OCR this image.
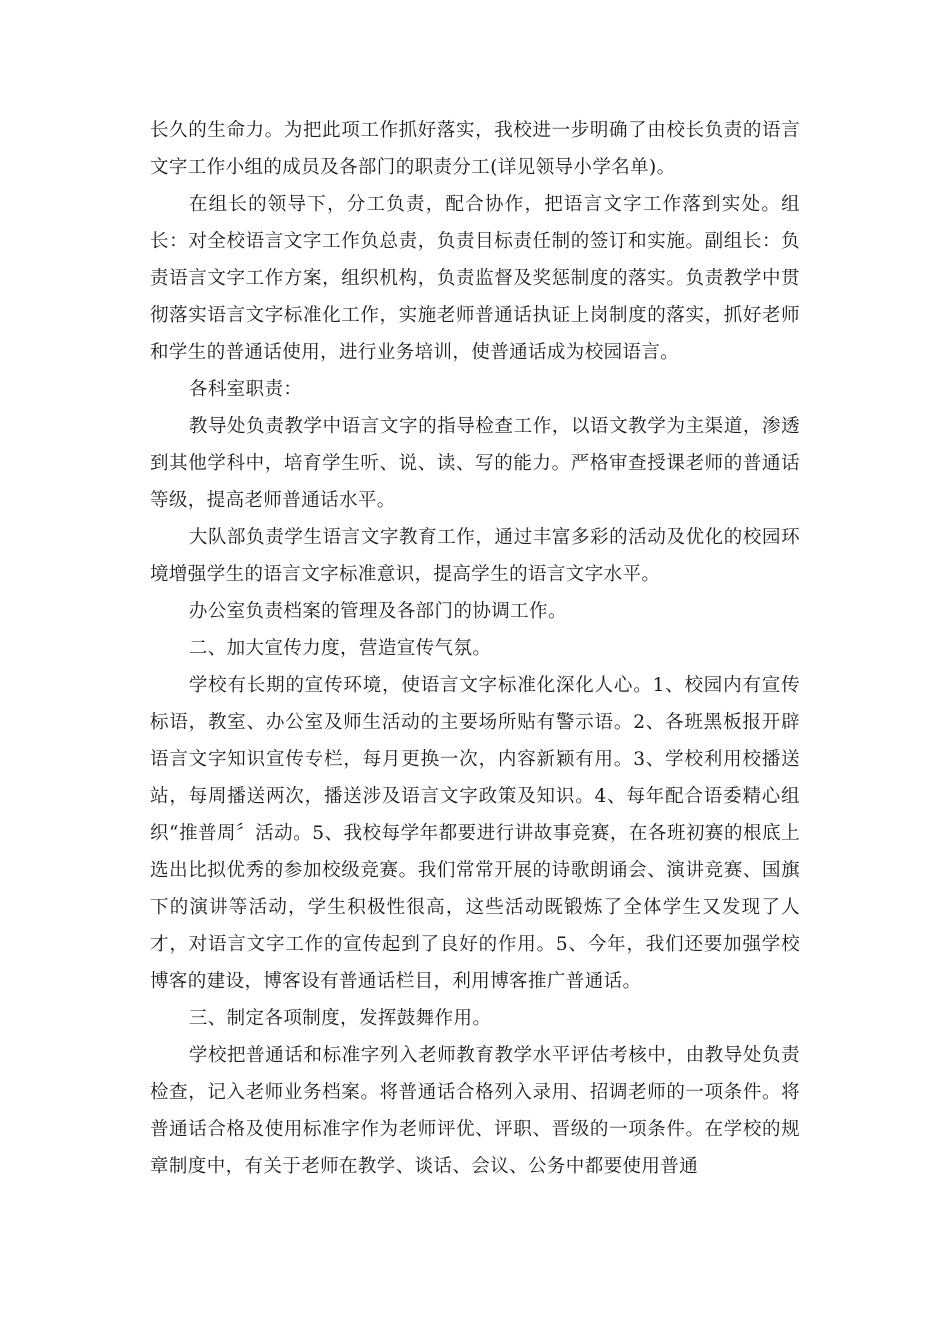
长久的生命力。为把此项工作抓好落实，我校进一步明确了由校长负责的语言文字工作小组的成员及各部门的职责分工(详见领导小学名单)。

在组长的领导下，分工负责，配合协作，把语言文字工作落到实处。组长：对全校语言文字工作负总责，负责目标责任制的签订和实施。副组长：负责语言文字工作方案，组织机构，负责监督及奖惩制度的落实。负责教学中贯彻落实语言文字标准化工作，实施老师普通话执证上岗制度的落实，抓好老师和学生的普通话使用，进行业务培训，使普通话成为校园语言。

各科室职责：

教导处负责教学中语言文字的指导检查工作，以语文教学为主渠道，渗透到其他学科中，培育学生听、说、读、写的能力。严格审查授课老师的普通话等级，提高老师普通话水平。

大队部负责学生语言文字教育工作，通过丰富多彩的活动及优化的校园环境增强学生的语言文字标准意识，提高学生的语言文字水平。

办公室负责档案的管理及各部门的协调工作。

二、加大宣传力度，营造宣传气氛。

学校有长期的宣传环境，使语言文字标准化深化人心。1、校园内有宣传标语，教室、办公室及师生活动的主要场所贴有警示语。2、各班黑板报开辟语言文字知识宣传专栏，每月更换一次，内容新颖有用。3、学校利用校播送站，每周播送两次，播送涉及语言文字政策及知识。4、每年配合语委精心组织“推普周〞活动。5、我校每学年都要进行讲故事竞赛，在各班初赛的根底上选出比拟优秀的参加校级竞赛。我们常常开展的诗歌朗诵会、演讲竞赛、国旗下的演讲等活动，学生积极性很高，这些活动既锻炼了全体学生又发现了人才，对语言文字工作的宣传起到了良好的作用。5、今年，我们还要加强学校博客的建设，博客设有普通话栏目，利用博客推广普通话。

三、制定各项制度，发挥鼓舞作用。

学校把普通话和标准字列入老师教育教学水平评估考核中，由教导处负责检查，记入老师业务档案。将普通话合格列入录用、招调老师的一项条件。将普通话合格及使用标准字作为老师评优、评职、晋级的一项条件。在学校的规章制度中，有关于老师在教学、谈话、会议、公务中都要使用普通
